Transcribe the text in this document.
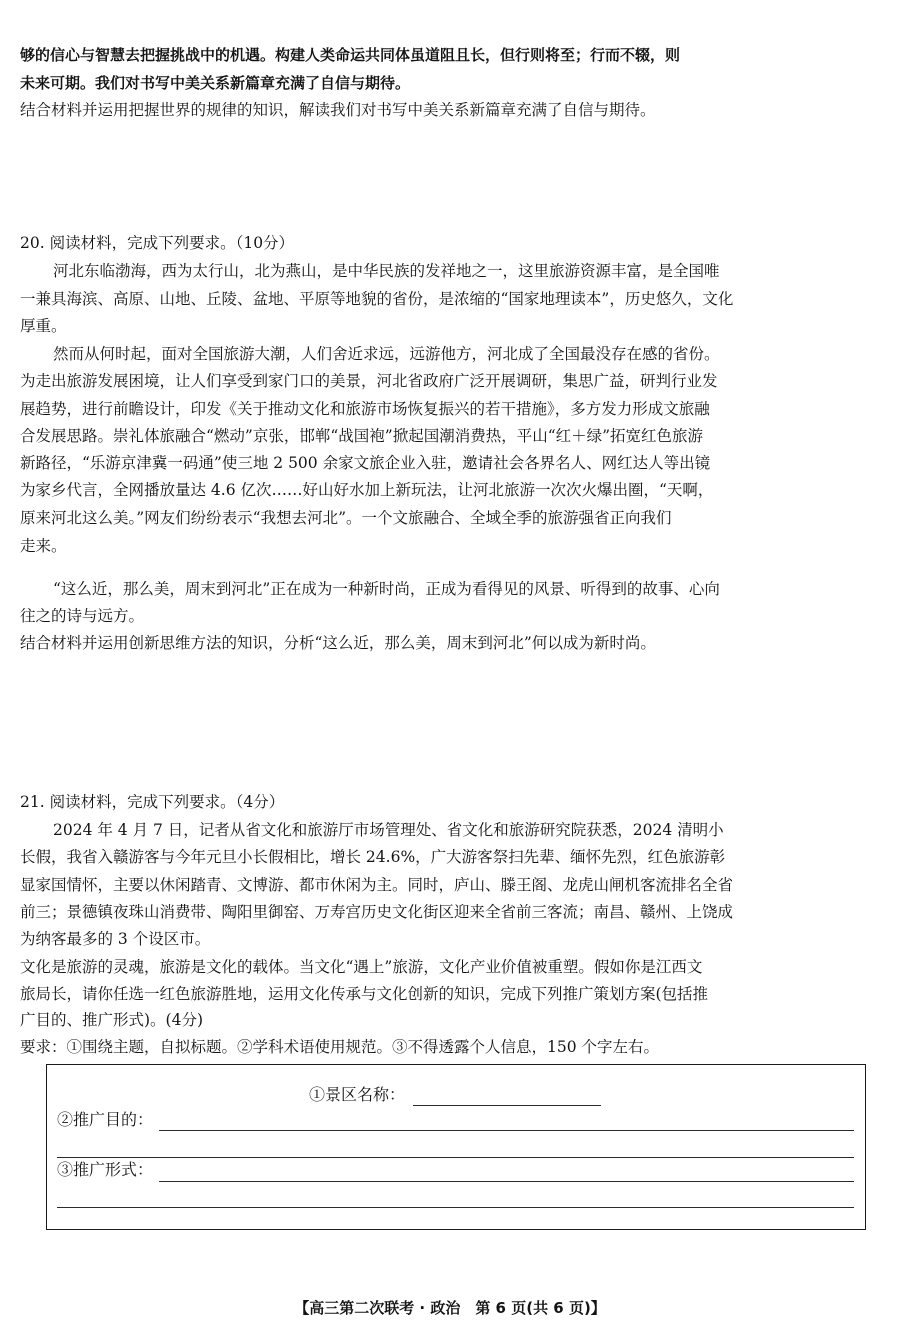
够的信心与智慧去把握挑战中的机遇。构建人类命运共同体虽道阻且长，但行则将至；行而不辍，则
未来可期。我们对书写中美关系新篇章充满了自信与期待。
结合材料并运用把握世界的规律的知识，解读我们对书写中美关系新篇章充满了自信与期待。
20. 阅读材料，完成下列要求。（10分）
河北东临渤海，西为太行山，北为燕山，是中华民族的发祥地之一，这里旅游资源丰富，是全国唯
一兼具海滨、高原、山地、丘陵、盆地、平原等地貌的省份，是浓缩的“国家地理读本”，历史悠久，文化
厚重。
然而从何时起，面对全国旅游大潮，人们舍近求远，远游他方，河北成了全国最没存在感的省份。
为走出旅游发展困境，让人们享受到家门口的美景，河北省政府广泛开展调研，集思广益，研判行业发
展趋势，进行前瞻设计，印发《关于推动文化和旅游市场恢复振兴的若干措施》，多方发力形成文旅融
合发展思路。崇礼体旅融合“燃动”京张，邯郸“战国袍”掀起国潮消费热，平山“红＋绿”拓宽红色旅游
新路径，“乐游京津冀一码通”使三地 2 500 余家文旅企业入驻，邀请社会各界名人、网红达人等出镜
为家乡代言，全网播放量达 4.6 亿次……好山好水加上新玩法，让河北旅游一次次火爆出圈，“天啊，
原来河北这么美。”网友们纷纷表示“我想去河北”。一个文旅融合、全域全季的旅游强省正向我们
走来。
“这么近，那么美，周末到河北”正在成为一种新时尚，正成为看得见的风景、听得到的故事、心向
往之的诗与远方。
结合材料并运用创新思维方法的知识，分析“这么近，那么美，周末到河北”何以成为新时尚。
21. 阅读材料，完成下列要求。（4分）
2024 年 4 月 7 日，记者从省文化和旅游厅市场管理处、省文化和旅游研究院获悉，2024 清明小
长假，我省入赣游客与今年元旦小长假相比，增长 24.6%，广大游客祭扫先辈、缅怀先烈，红色旅游彰
显家国情怀，主要以休闲踏青、文博游、都市休闲为主。同时，庐山、滕王阁、龙虎山闸机客流排名全省
前三；景德镇夜珠山消费带、陶阳里御窑、万寿宫历史文化街区迎来全省前三客流；南昌、赣州、上饶成
为纳客最多的 3 个设区市。
文化是旅游的灵魂，旅游是文化的载体。当文化“遇上”旅游，文化产业价值被重塑。假如你是江西文
旅局长，请你任选一红色旅游胜地，运用文化传承与文化创新的知识，完成下列推广策划方案(包括推
广目的、推广形式)。(4分)
要求：①围绕主题，自拟标题。②学科术语使用规范。③不得透露个人信息，150 个字左右。
①景区名称：
②推广目的：
③推广形式：
【高三第二次联考 · 政治　第 6 页(共 6 页)】
